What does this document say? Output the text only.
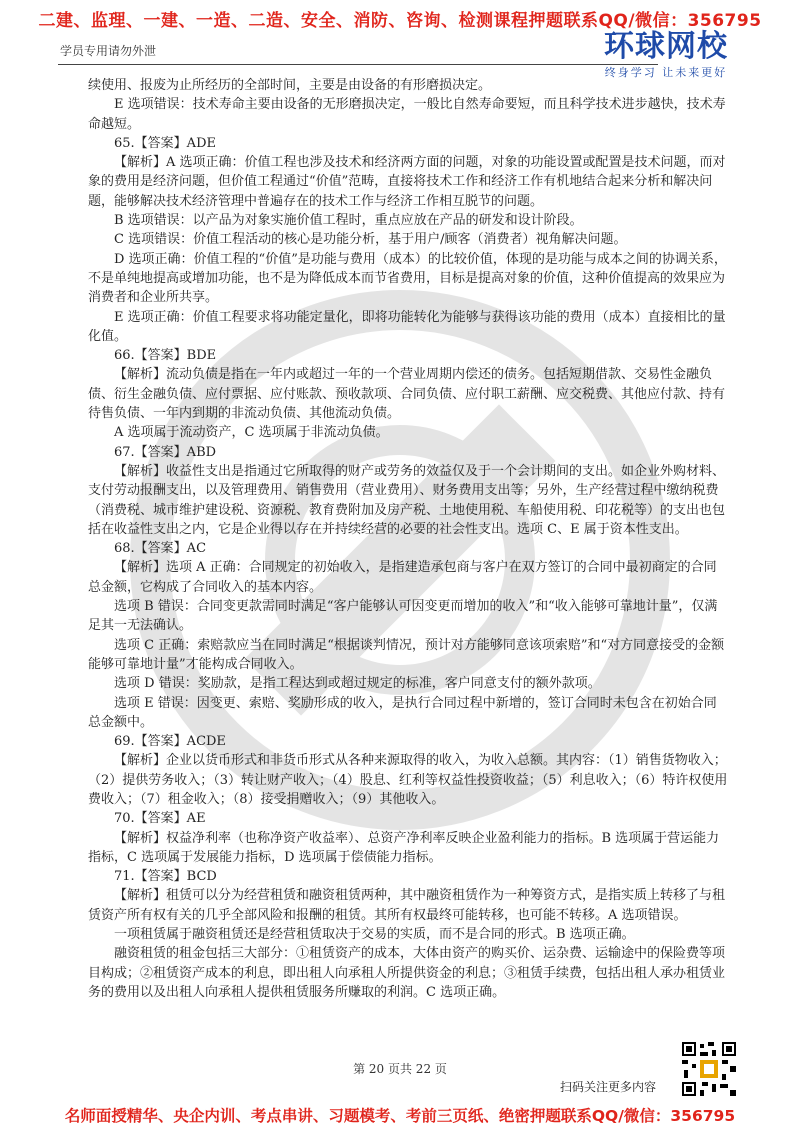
二建、监理、一建、一造、二造、安全、消防、咨询、检测课程押题联系QQ/微信：356795
学员专用请勿外泄	环球网校
终身学习 让未来更好

续使用、报废为止所经历的全部时间，主要是由设备的有形磨损决定。

E 选项错误：技术寿命主要由设备的无形磨损决定，一般比自然寿命要短，而且科学技术进步越快，技术寿命越短。

65.【答案】ADE

【解析】A 选项正确：价值工程也涉及技术和经济两方面的问题，对象的功能设置或配置是技术问题，而对象的费用是经济问题，但价值工程通过“价值”范畴，直接将技术工作和经济工作有机地结合起来分析和解决问题，能够解决技术经济管理中普遍存在的技术工作与经济工作相互脱节的问题。

B 选项错误：以产品为对象实施价值工程时，重点应放在产品的研发和设计阶段。

C 选项错误：价值工程活动的核心是功能分析，基于用户/顾客（消费者）视角解决问题。

D 选项正确：价值工程的“价值”是功能与费用（成本）的比较价值，体现的是功能与成本之间的协调关系，不是单纯地提高或增加功能，也不是为降低成本而节省费用，目标是提高对象的价值，这种价值提高的效果应为消费者和企业所共享。

E 选项正确：价值工程要求将功能定量化，即将功能转化为能够与获得该功能的费用（成本）直接相比的量化值。

66.【答案】BDE

【解析】流动负债是指在一年内或超过一年的一个营业周期内偿还的债务。包括短期借款、交易性金融负债、衍生金融负债、应付票据、应付账款、预收款项、合同负债、应付职工薪酬、应交税费、其他应付款、持有待售负债、一年内到期的非流动负债、其他流动负债。

A 选项属于流动资产，C 选项属于非流动负债。

67.【答案】ABD

【解析】收益性支出是指通过它所取得的财产或劳务的效益仅及于一个会计期间的支出。如企业外购材料、支付劳动报酬支出，以及管理费用、销售费用（营业费用）、财务费用支出等；另外，生产经营过程中缴纳税费（消费税、城市维护建设税、资源税、教育费附加及房产税、土地使用税、车船使用税、印花税等）的支出也包括在收益性支出之内，它是企业得以存在并持续经营的必要的社会性支出。选项 C、E 属于资本性支出。

68.【答案】AC

【解析】选项 A 正确：合同规定的初始收入，是指建造承包商与客户在双方签订的合同中最初商定的合同总金额，它构成了合同收入的基本内容。

选项 B 错误：合同变更款需同时满足“客户能够认可因变更而增加的收入”和“收入能够可靠地计量”，仅满足其一无法确认。

选项 C 正确：索赔款应当在同时满足“根据谈判情况，预计对方能够同意该项索赔”和“对方同意接受的金额能够可靠地计量”才能构成合同收入。

选项 D 错误：奖励款，是指工程达到或超过规定的标准，客户同意支付的额外款项。

选项 E 错误：因变更、索赔、奖励形成的收入，是执行合同过程中新增的，签订合同时未包含在初始合同总金额中。

69.【答案】ACDE

【解析】企业以货币形式和非货币形式从各种来源取得的收入，为收入总额。其内容：（1）销售货物收入；（2）提供劳务收入；（3）转让财产收入；（4）股息、红利等权益性投资收益；（5）利息收入；（6）特许权使用费收入；（7）租金收入；（8）接受捐赠收入；（9）其他收入。

70.【答案】AE

【解析】权益净利率（也称净资产收益率）、总资产净利率反映企业盈利能力的指标。B 选项属于营运能力指标，C 选项属于发展能力指标，D 选项属于偿债能力指标。

71.【答案】BCD

【解析】租赁可以分为经营租赁和融资租赁两种，其中融资租赁作为一种筹资方式，是指实质上转移了与租赁资产所有权有关的几乎全部风险和报酬的租赁。其所有权最终可能转移，也可能不转移。A 选项错误。

一项租赁属于融资租赁还是经营租赁取决于交易的实质，而不是合同的形式。B 选项正确。

融资租赁的租金包括三大部分：①租赁资产的成本，大体由资产的购买价、运杂费、运输途中的保险费等项目构成；②租赁资产成本的利息，即出租人向承租人所提供资金的利息；③租赁手续费，包括出租人承办租赁业务的费用以及出租人向承租人提供租赁服务所赚取的利润。C 选项正确。

第 20 页共 22 页
扫码关注更多内容
名师面授精华、央企内训、考点串讲、习题模考、考前三页纸、绝密押题联系QQ/微信：356795
